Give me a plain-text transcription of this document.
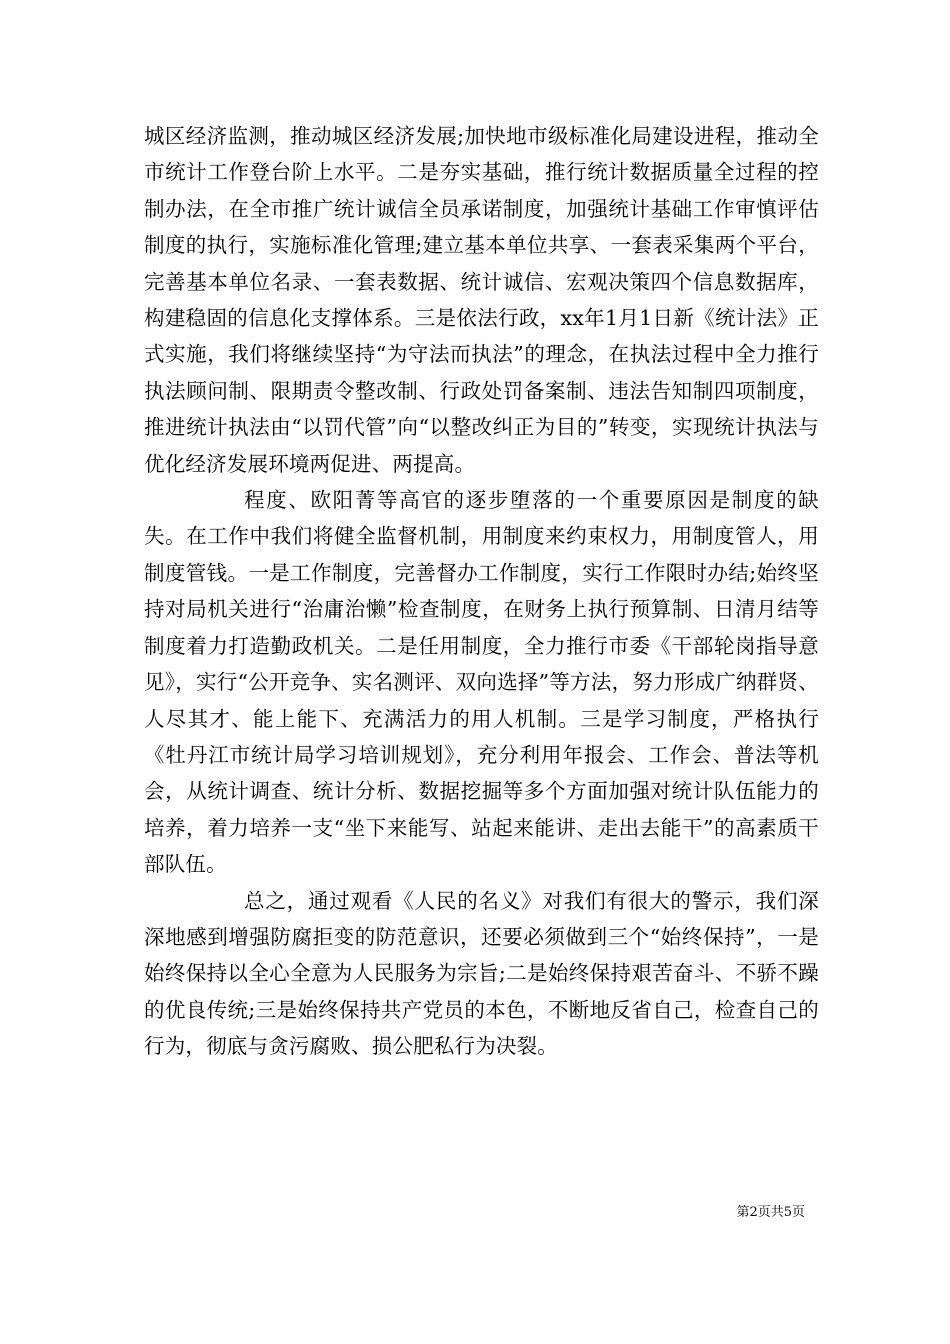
城区经济监测，推动城区经济发展;加快地市级标准化局建设进程，推动全市统计工作登台阶上水平。二是夯实基础，推行统计数据质量全过程的控制办法，在全市推广统计诚信全员承诺制度，加强统计基础工作审慎评估制度的执行，实施标准化管理;建立基本单位共享、一套表采集两个平台，完善基本单位名录、一套表数据、统计诚信、宏观决策四个信息数据库，构建稳固的信息化支撑体系。三是依法行政，xx年1月1日新《统计法》正式实施，我们将继续坚持“为守法而执法”的理念，在执法过程中全力推行执法顾问制、限期责令整改制、行政处罚备案制、违法告知制四项制度，推进统计执法由“以罚代管”向“以整改纠正为目的”转变，实现统计执法与优化经济发展环境两促进、两提高。

程度、欧阳菁等高官的逐步堕落的一个重要原因是制度的缺失。在工作中我们将健全监督机制，用制度来约束权力，用制度管人，用制度管钱。一是工作制度，完善督办工作制度，实行工作限时办结;始终坚持对局机关进行“治庸治懒”检查制度，在财务上执行预算制、日清月结等制度着力打造勤政机关。二是任用制度，全力推行市委《干部轮岗指导意见》，实行“公开竞争、实名测评、双向选择”等方法，努力形成广纳群贤、人尽其才、能上能下、充满活力的用人机制。三是学习制度，严格执行《牡丹江市统计局学习培训规划》，充分利用年报会、工作会、普法等机会，从统计调查、统计分析、数据挖掘等多个方面加强对统计队伍能力的培养，着力培养一支“坐下来能写、站起来能讲、走出去能干”的高素质干部队伍。

总之，通过观看《人民的名义》对我们有很大的警示，我们深深地感到增强防腐拒变的防范意识，还要必须做到三个“始终保持”，一是始终保持以全心全意为人民服务为宗旨;二是始终保持艰苦奋斗、不骄不躁的优良传统;三是始终保持共产党员的本色，不断地反省自己，检查自己的行为，彻底与贪污腐败、损公肥私行为决裂。

第2页共5页
